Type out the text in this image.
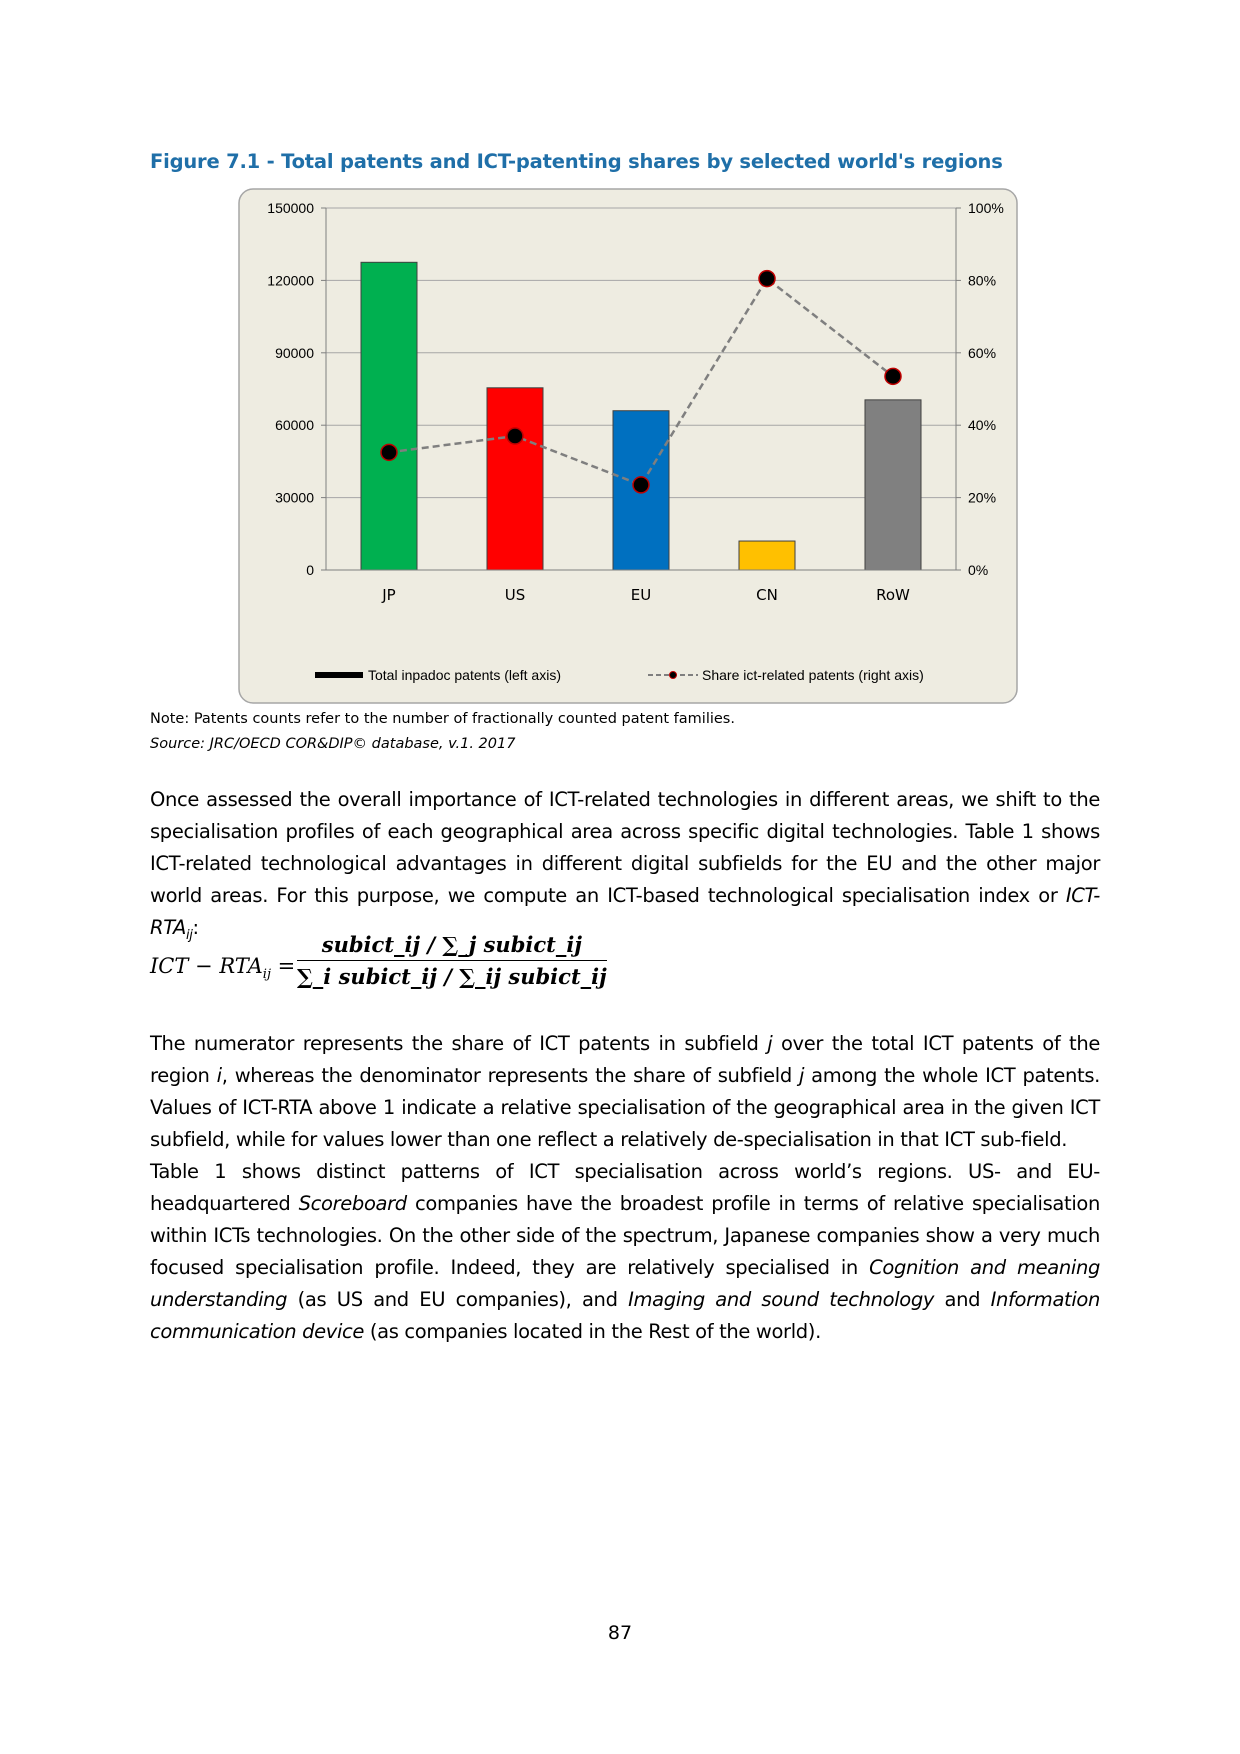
Figure 7.1 - Total patents and ICT-patenting shares by selected world's regions
0
30000
60000
90000
120000
150000
0%
20%
40%
60%
80%
100%
JP	US	EU	CN	RoW
Total inpadoc patents (left axis)	Share ict-related patents (right axis)
Note: Patents counts refer to the number of fractionally counted patent families.
Source: JRC/OECD COR&DIP© database, v.1. 2017

Once assessed the overall importance of ICT-related technologies in different areas, we shift to the specialisation profiles of each geographical area across specific digital technologies. Table 1 shows ICT-related technological advantages in different digital subfields for the EU and the other major world areas. For this purpose, we compute an ICT-based technological specialisation index or ICT-$RTA_{ij}$:

ICT − $RTA_{ij}$ =
subict_ij / ∑_j subict_ij
∑_i subict_ij / ∑_ij subict_ij

The numerator represents the share of ICT patents in subfield j over the total ICT patents of the region i, whereas the denominator represents the share of subfield j among the whole ICT patents. Values of ICT-RTA above 1 indicate a relative specialisation of the geographical area in the given ICT subfield, while for values lower than one reflect a relatively de-specialisation in that ICT sub-field.

Table 1 shows distinct patterns of ICT specialisation across world’s regions. US- and EU-headquartered Scoreboard companies have the broadest profile in terms of relative specialisation within ICTs technologies. On the other side of the spectrum, Japanese companies show a very much focused specialisation profile. Indeed, they are relatively specialised in Cognition and meaning understanding (as US and EU companies), and Imaging and sound technology and Information communication device (as companies located in the Rest of the world).

87
